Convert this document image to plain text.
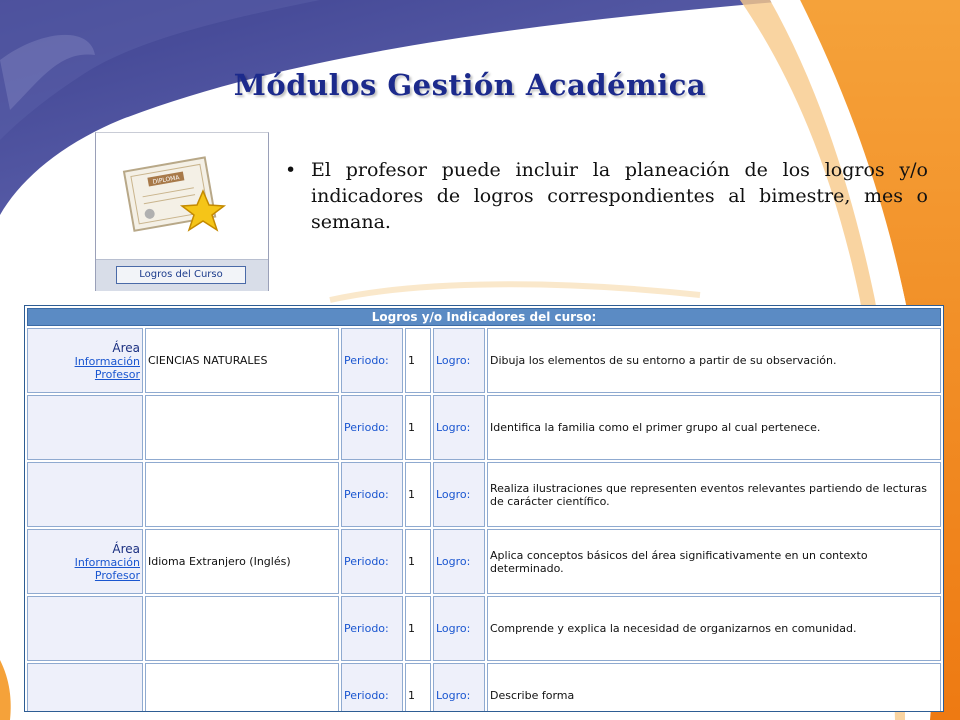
Módulos Gestión Académica
DIPLOMA
Logros del Curso
• El profesor puede incluir la planeación de los logros y/o indicadores de logros correspondientes al bimestre, mes o semana.
Logros y/o Indicadores del curso:					

Área
Información
Profesor	CIENCIAS NATURALES	Periodo:	1	Logro:	Dibuja los elementos de su entorno a partir de su observación.
		Periodo:	1	Logro:	Identifica la familia como el primer grupo al cual pertenece.
		Periodo:	1	Logro:	Realiza ilustraciones que representen eventos relevantes partiendo de lecturas de carácter científico.

Área
Información
Profesor	Idioma Extranjero (Inglés)	Periodo:	1	Logro:	Aplica conceptos básicos del área significativamente en un contexto determinado.
		Periodo:	1	Logro:	Comprende y explica la necesidad de organizarnos en comunidad.
		Periodo:	1	Logro:	Describe forma
